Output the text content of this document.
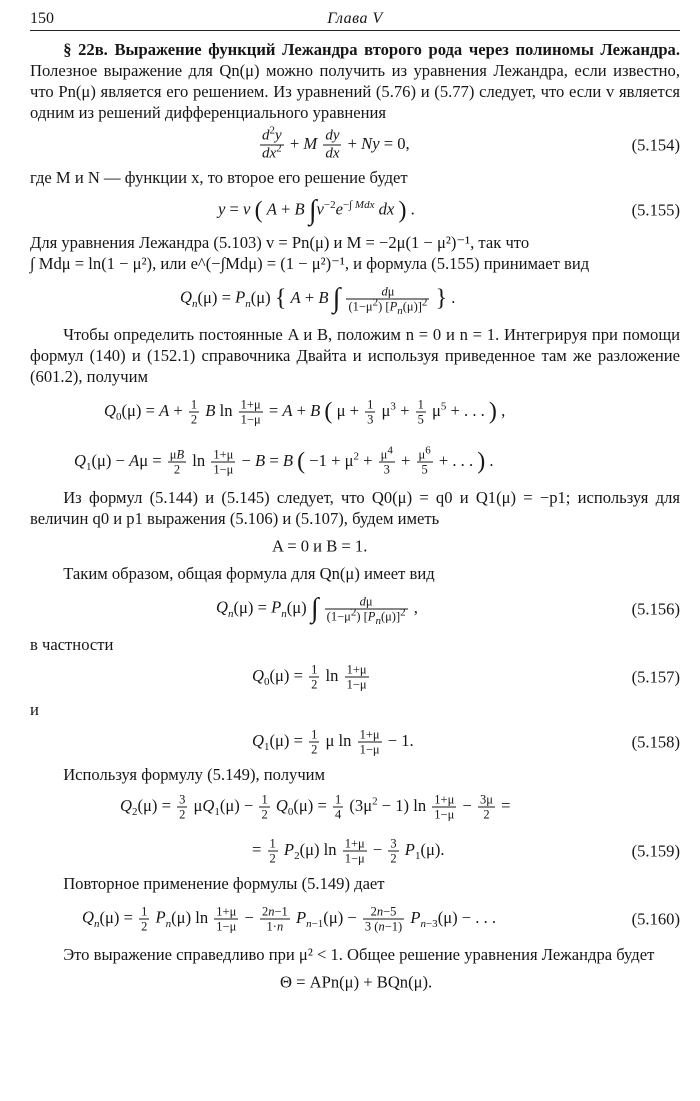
150	Глава V

§ 22в. Выражение функций Лежандра второго рода через полиномы Лежандра. Полезное выражение для Qn(μ) можно получить из уравнения Лежандра, если известно, что Pn(μ) является его решением. Из уравнений (5.76) и (5.77) следует, что если v является одним из решений дифференциального уравнения

$\frac{d^2y}{dx^2} + M \frac{dy}{dx} + Ny = 0$,	(5.154)

где M и N — функции x, то второе его решение будет

y = v ( A + B $\int v^{-2}e^{-\int Mdx}$ dx ) .	(5.155)

Для уравнения Лежандра (5.103) v = Pn(μ) и M = −2μ(1 − μ²)⁻¹, так что

∫ Mdμ = ln(1 − μ²), или e^(−∫Mdμ) = (1 − μ²)⁻¹, и формула (5.155) принимает вид

$Q_n(\mu) = P_n(\mu)$ { A + B ∫ $\frac{d\mu}{(1-\mu^2) [P_n(\mu)]^2}$ } .

Чтобы определить постоянные A и B, положим n = 0 и n = 1. Интегрируя при помощи формул (140) и (152.1) справочника Двайта и используя приведенное там же разложение (601.2), получим

$Q_0(\mu) = A + \frac{1}{2}$ B $\ln \frac{1+\mu}{1-\mu} = A + B$ ( $\mu + \frac{1}{3} \mu^3 + \frac{1}{5} \mu^5$ + . . . ) ,
$Q_1(\mu) - A\mu = \frac{\mu B}{2}$ $\ln \frac{1+\mu}{1-\mu} - B = B$ ( $-1 + \mu^2 + \frac{\mu^4}{3} + \frac{\mu^6}{5}$ + . . . ) .

Из формул (5.144) и (5.145) следует, что Q0(μ) = q0 и Q1(μ) = −p1; используя для величин q0 и p1 выражения (5.106) и (5.107), будем иметь

A = 0 и B = 1.

Таким образом, общая формула для Qn(μ) имеет вид

$Q_n(\mu) = P_n(\mu)$ ∫ $\frac{d\mu}{(1-\mu^2) [P_n(\mu)]^2}$ ,	(5.156)

в частности

$Q_0(\mu) = \frac{1}{2}$ $\ln \frac{1+\mu}{1-\mu}$	(5.157)

и

$Q_1(\mu) = \frac{1}{2}$ μ $\ln \frac{1+\mu}{1-\mu} - 1$.	(5.158)

Используя формулу (5.149), получим

$Q_2(\mu) = \frac{3}{2} \mu Q_1(\mu) - \frac{1}{2} Q_0(\mu) = \frac{1}{4} (3\mu^2 - 1)$ $\ln \frac{1+\mu}{1-\mu} - \frac{3\mu}{2}$ =
= $\frac{1}{2} P_2(\mu)$ $\ln \frac{1+\mu}{1-\mu} - \frac{3}{2} P_1(\mu)$.	(5.159)

Повторное применение формулы (5.149) дает

$Q_n(\mu) = \frac{1}{2} P_n(\mu)$ $\ln \frac{1+\mu}{1-\mu} - \frac{2n-1}{1\cdot n} P_{n-1}(\mu) - \frac{2n-5}{3 (n-1)} P_{n-3}(\mu)$ − . . .	(5.160)

Это выражение справедливо при μ² < 1. Общее решение уравнения Лежандра будет

Θ = APn(μ) + BQn(μ).
